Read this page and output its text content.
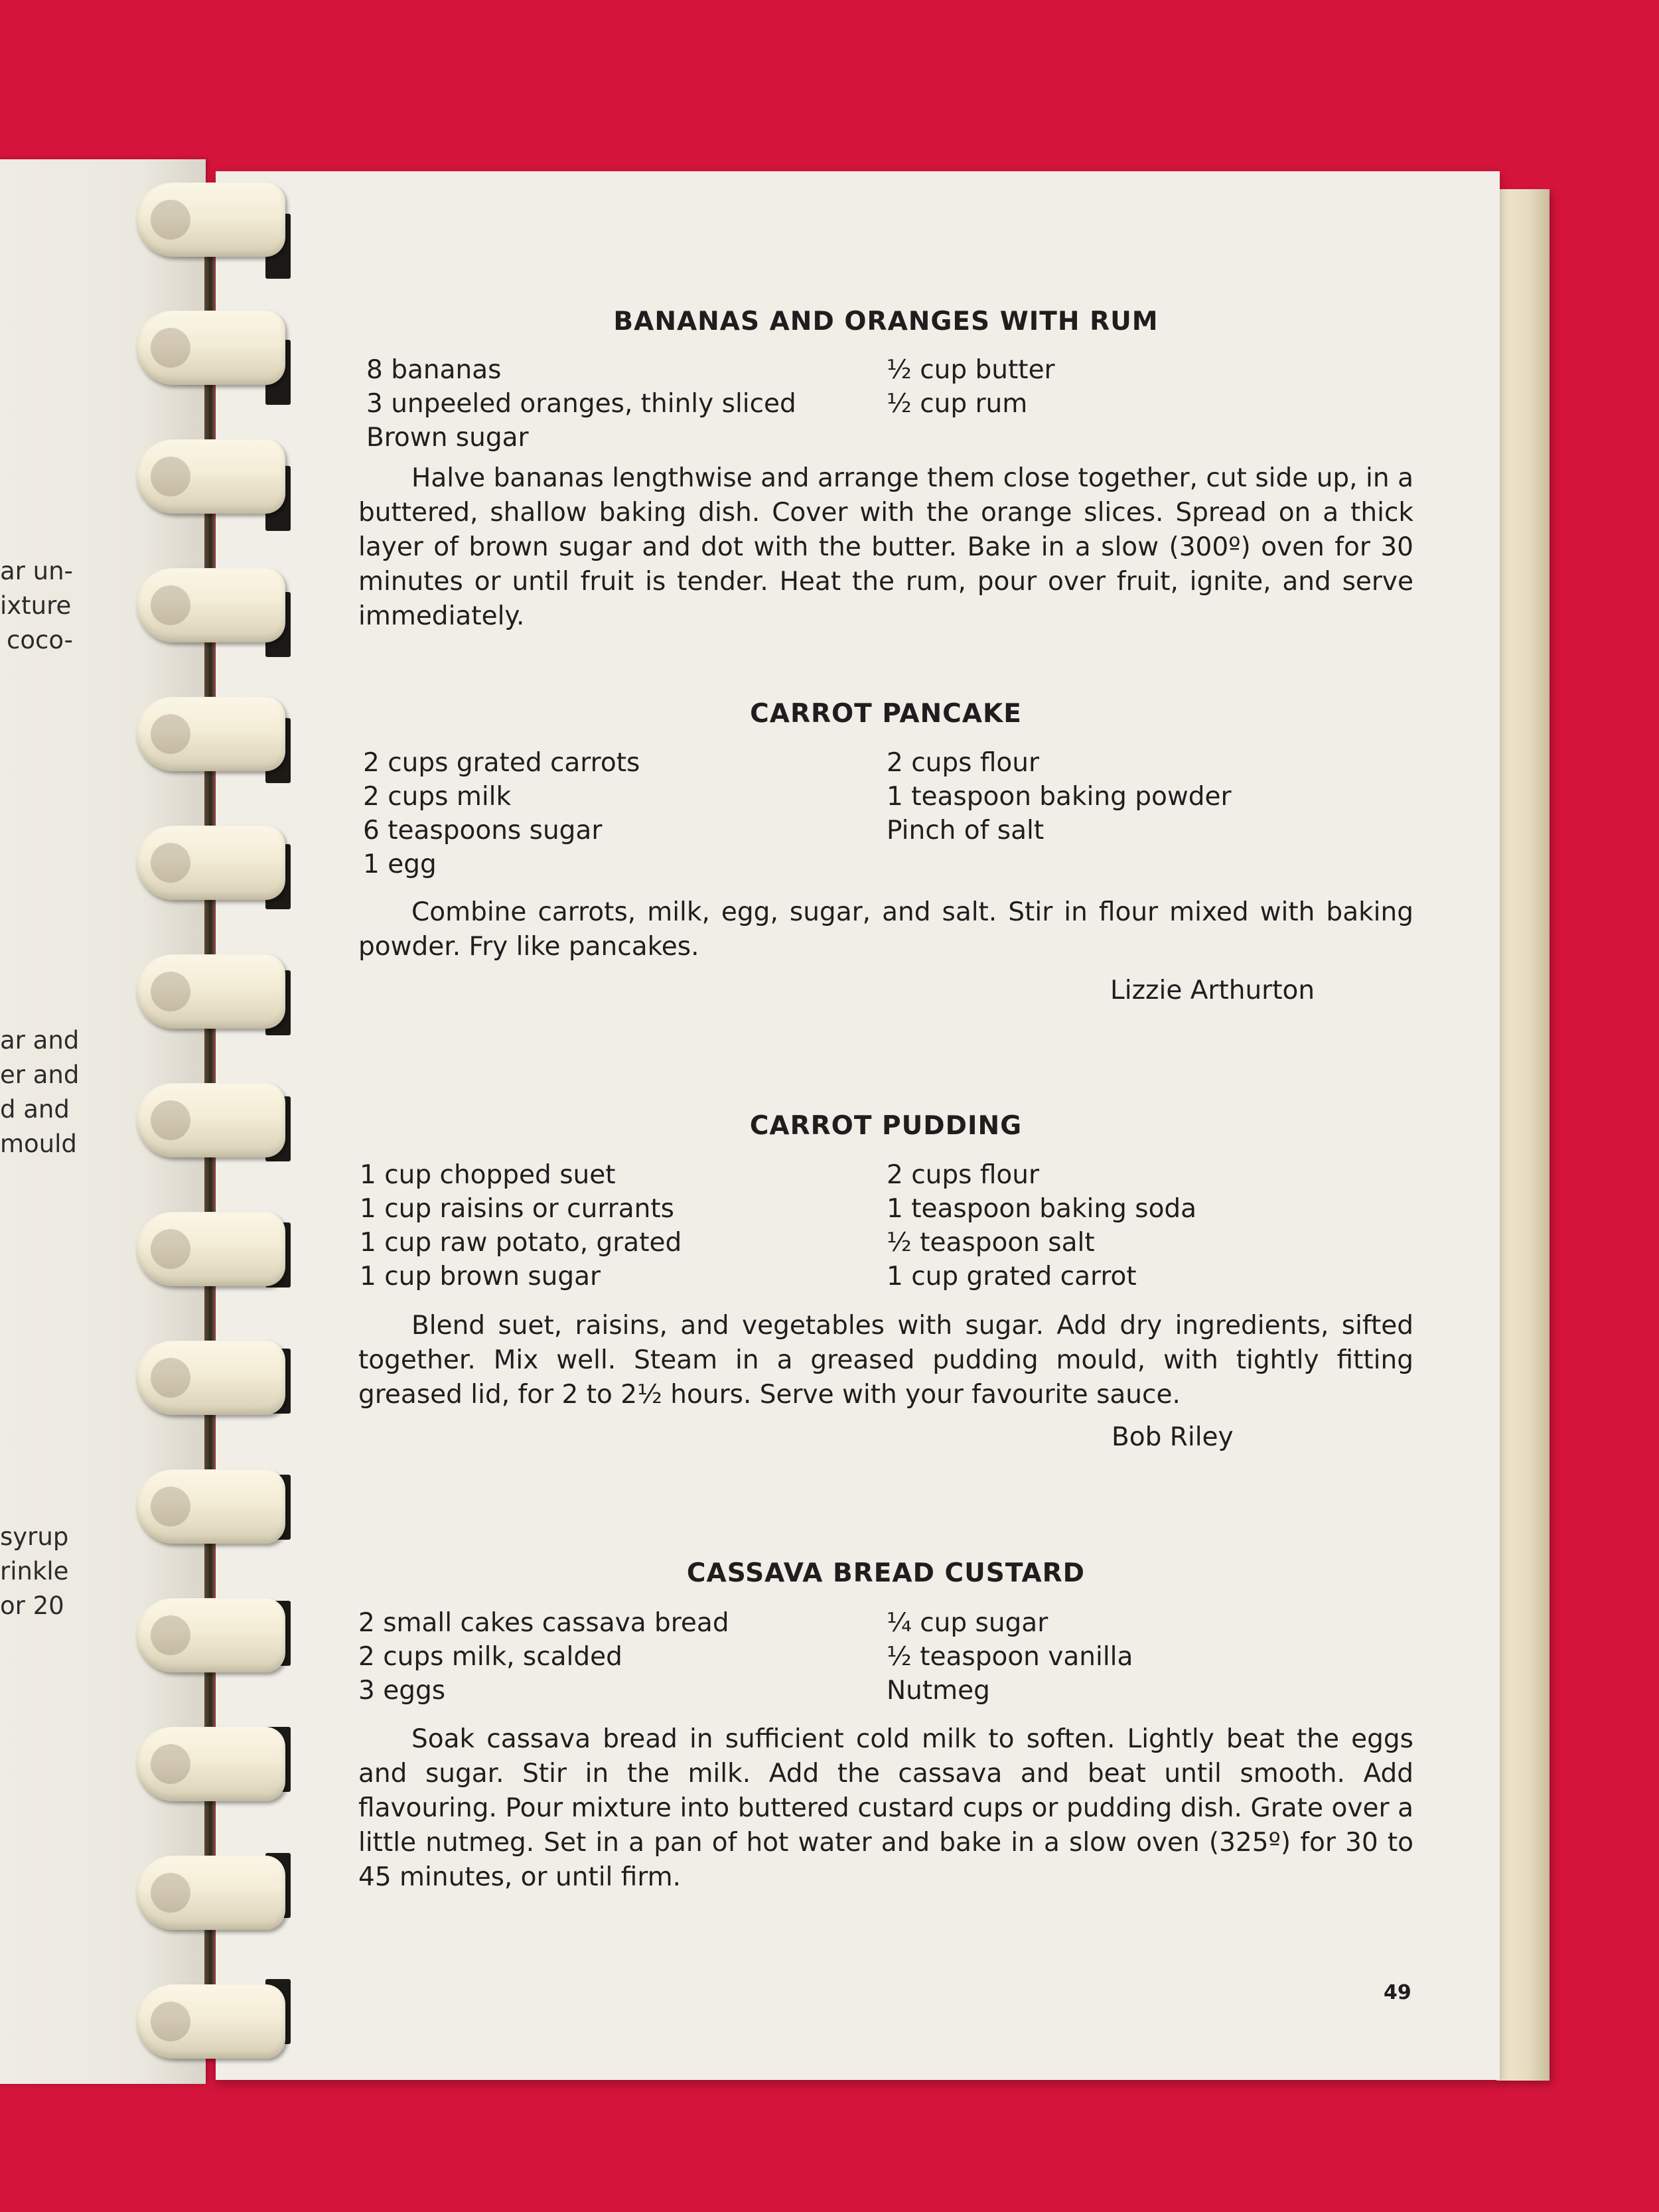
ar un-
ixture
coco-
ar and
er and
d and
mould
syrup
rinkle
or 20
BANANAS AND ORANGES WITH RUM
8 bananas
3 unpeeled oranges, thinly sliced
Brown sugar
½ cup butter
½ cup rum
Halve bananas lengthwise and arrange them close together, cut side up, in a buttered, shallow baking dish. Cover with the orange slices. Spread on a thick layer of brown sugar and dot with the butter. Bake in a slow (300º) oven for 30 minutes or until fruit is tender. Heat the rum, pour over fruit, ignite, and serve immediately.
CARROT PANCAKE
2 cups grated carrots
2 cups milk
6 teaspoons sugar
1 egg
2 cups flour
1 teaspoon baking powder
Pinch of salt
Combine carrots, milk, egg, sugar, and salt. Stir in flour mixed with baking powder. Fry like pancakes.
Lizzie Arthurton
CARROT PUDDING
1 cup chopped suet
1 cup raisins or currants
1 cup raw potato, grated
1 cup brown sugar
2 cups flour
1 teaspoon baking soda
½ teaspoon salt
1 cup grated carrot
Blend suet, raisins, and vegetables with sugar. Add dry ingredients, sifted together. Mix well. Steam in a greased pudding mould, with tightly fitting greased lid, for 2 to 2½ hours. Serve with your favourite sauce.
Bob Riley
CASSAVA BREAD CUSTARD
2 small cakes cassava bread
2 cups milk, scalded
3 eggs
¼ cup sugar
½ teaspoon vanilla
Nutmeg
Soak cassava bread in sufficient cold milk to soften. Lightly beat the eggs and sugar. Stir in the milk. Add the cassava and beat until smooth. Add flavouring. Pour mixture into buttered custard cups or pudding dish. Grate over a little nutmeg. Set in a pan of hot water and bake in a slow oven (325º) for 30 to 45 minutes, or until firm.
49
